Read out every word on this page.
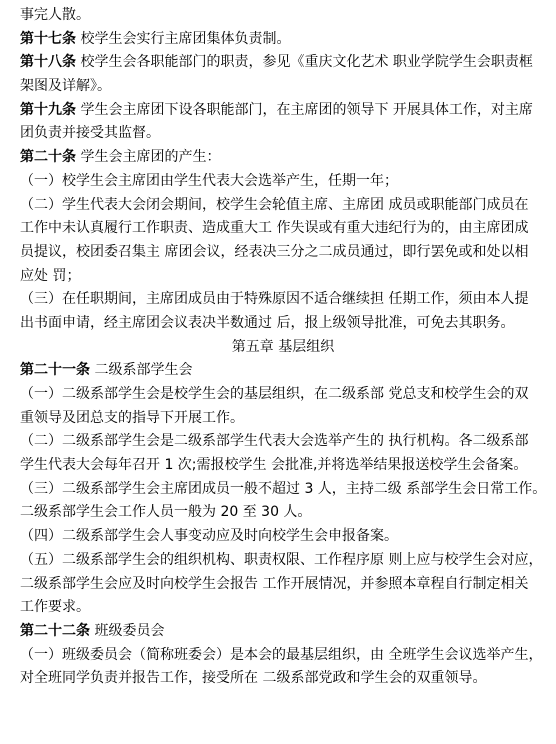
事完人散。
第十七条 校学生会实行主席团集体负责制。
第十八条 校学生会各职能部门的职责，参见《重庆文化艺术 职业学院学生会职责框
架图及详解》。
第十九条 学生会主席团下设各职能部门，在主席团的领导下 开展具体工作，对主席
团负责并接受其监督。
第二十条 学生会主席团的产生：
（一）校学生会主席团由学生代表大会选举产生，任期一年；
（二）学生代表大会闭会期间，校学生会轮值主席、主席团 成员或职能部门成员在
工作中未认真履行工作职责、造成重大工 作失误或有重大违纪行为的，由主席团成
员提议，校团委召集主 席团会议，经表决三分之二成员通过，即行罢免或和处以相
应处 罚；
（三）在任职期间，主席团成员由于特殊原因不适合继续担 任期工作，须由本人提
出书面申请，经主席团会议表决半数通过 后，报上级领导批准，可免去其职务。
第五章 基层组织
第二十一条 二级系部学生会
（一）二级系部学生会是校学生会的基层组织，在二级系部 党总支和校学生会的双
重领导及团总支的指导下开展工作。
（二）二级系部学生会是二级系部学生代表大会选举产生的 执行机构。各二级系部
学生代表大会每年召开 1 次;需报校学生 会批准,并将选举结果报送校学生会备案。
（三）二级系部学生会主席团成员一般不超过 3 人，主持二级 系部学生会日常工作。
二级系部学生会工作人员一般为 20 至 30 人。
（四）二级系部学生会人事变动应及时向校学生会申报备案。
（五）二级系部学生会的组织机构、职责权限、工作程序原 则上应与校学生会对应，
二级系部学生会应及时向校学生会报告 工作开展情况，并参照本章程自行制定相关
工作要求。
第二十二条 班级委员会
（一）班级委员会（简称班委会）是本会的最基层组织，由 全班学生会议选举产生，
对全班同学负责并报告工作，接受所在 二级系部党政和学生会的双重领导。
